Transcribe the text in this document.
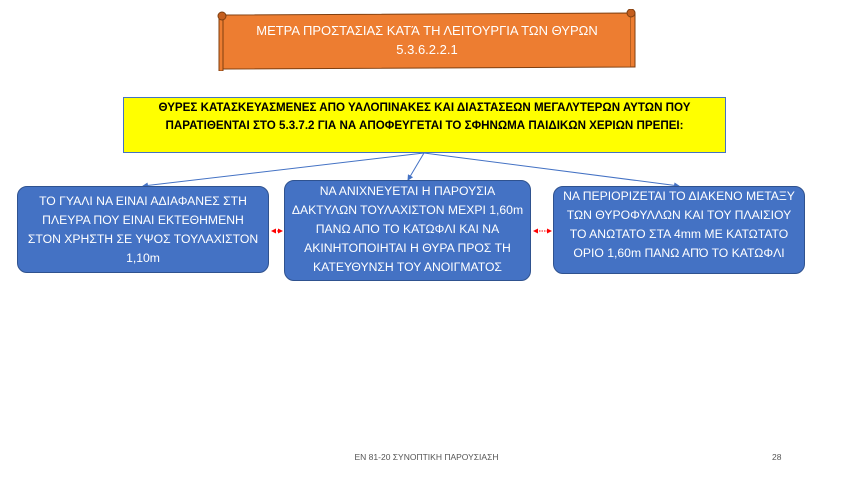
ΜΕΤΡΑ ΠΡΟΣΤΑΣΙΑΣ ΚΑΤΆ ΤΗ ΛΕΙΤΟΥΡΓΙΑ ΤΩΝ ΘΥΡΩΝ
5.3.6.2.2.1
ΘΥΡΕΣ ΚΑΤΑΣΚΕΥΑΣΜΕΝΕΣ ΑΠΟ ΥΑΛΟΠΙΝΑΚΕΣ ΚΑΙ ΔΙΑΣΤΑΣΕΩΝ ΜΕΓΑΛΥΤΕΡΩΝ ΑΥΤΩΝ ΠΟΥ ΠΑΡΑΤΙΘΕΝΤΑΙ ΣΤΟ 5.3.7.2 ΓΙΑ ΝΑ ΑΠΟΦΕΥΓΕΤΑΙ ΤΟ ΣΦΗΝΩΜΑ ΠΑΙΔΙΚΩΝ ΧΕΡΙΩΝ ΠΡΕΠΕΙ:
ΤΟ ΓΥΑΛΙ ΝΑ ΕΙΝΑΙ ΑΔΙΑΦΑΝΕΣ ΣΤΗ ΠΛΕΥΡΑ ΠΟΥ ΕΙΝΑΙ ΕΚΤΕΘΗΜΕΝΗ ΣΤΟΝ ΧΡΗΣΤΗ ΣΕ ΥΨΟΣ ΤΟΥΛΑΧΙΣΤΟΝ 1,10m
ΝΑ ΑΝΙΧΝΕΥΕΤΑΙ Η ΠΑΡΟΥΣΙΑ ΔΑΚΤΥΛΩΝ ΤΟΥΛΑΧΙΣΤΟΝ ΜΕΧΡΙ 1,60m ΠΑΝΩ ΑΠΟ ΤΟ ΚΑΤΩΦΛΙ ΚΑΙ ΝΑ ΑΚΙΝΗΤΟΠΟΙΗΤΑΙ Η ΘΥΡΑ ΠΡΟΣ ΤΗ ΚΑΤΕΥΘΥΝΣΗ ΤΟΥ ΑΝΟΙΓΜΑΤΟΣ
ΝΑ ΠΕΡΙΟΡΙΖΕΤΑΙ ΤΟ ΔΙΑΚΕΝΟ ΜΕΤΑΞΥ ΤΩΝ ΘΥΡΟΦΥΛΛΩΝ ΚΑΙ ΤΟΥ ΠΛΑΙΣΙΟΥ ΤΟ ΑΝΩΤΑΤΟ ΣΤΑ 4mm ΜΕ ΚΑΤΩΤΑΤΟ ΟΡΙΟ 1,60m ΠΑΝΩ ΑΠΌ ΤΟ ΚΑΤΩΦΛΙ
ΕΝ 81-20 ΣΥΝΟΠΤΙΚΗ ΠΑΡΟΥΣΙΑΣΗ	28
